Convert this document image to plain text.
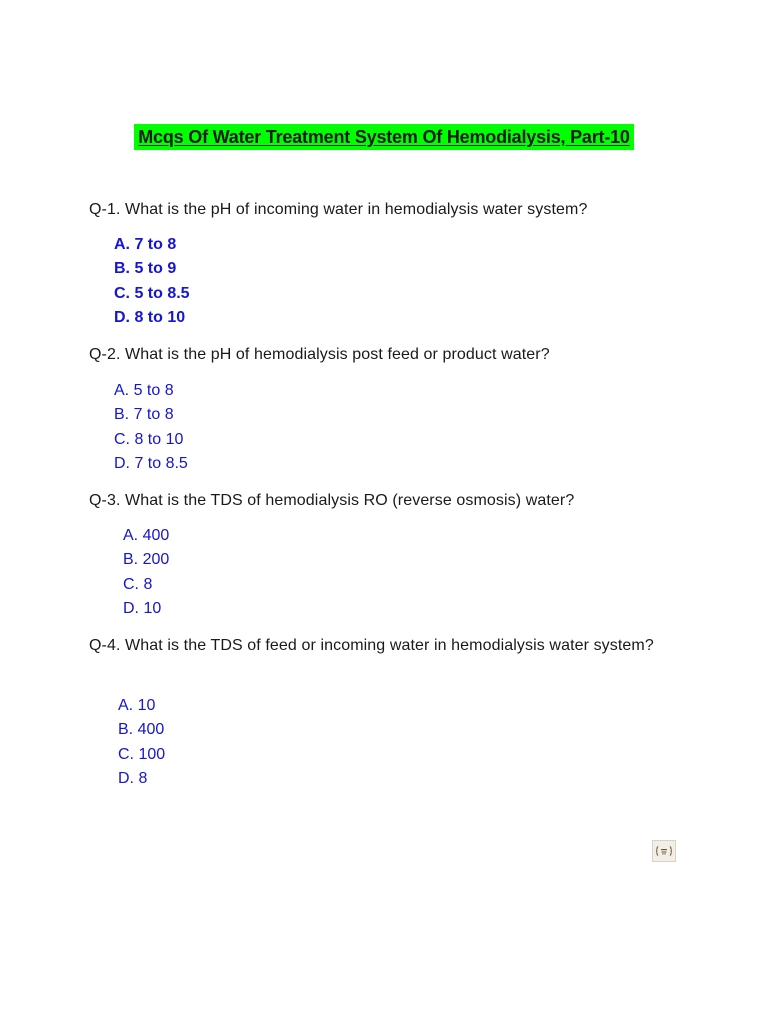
Mcqs Of Water Treatment System Of Hemodialysis, Part-10
Q-1. What is the pH of incoming water in hemodialysis water system?
A. 7 to 8
B. 5 to 9
C. 5 to 8.5
D. 8 to 10
Q-2. What is the pH of hemodialysis post feed or product water?
A. 5 to 8
B. 7 to 8
C. 8 to 10
D. 7 to 8.5
Q-3. What is the TDS of hemodialysis RO (reverse osmosis) water?
A. 400
B. 200
C. 8
D. 10
Q-4. What is the TDS of feed or incoming water in hemodialysis water system?
A. 10
B. 400
C. 100
D. 8
